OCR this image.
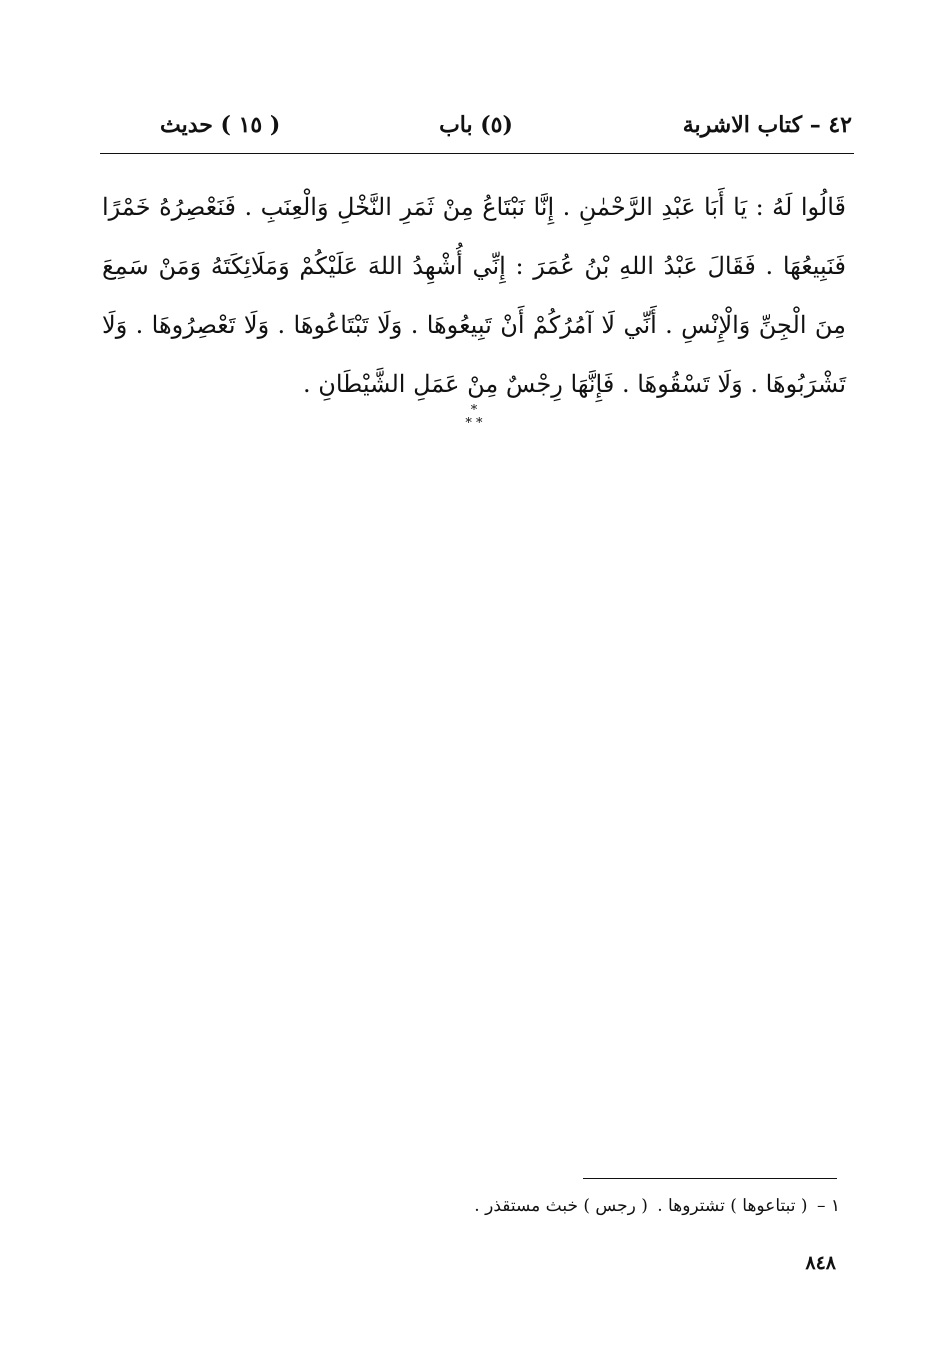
٤٢ – كتاب الاشربة
(٥) باب
( ١٥ ) حديث
قَالُوا لَهُ : يَا أَبَا عَبْدِ الرَّحْمٰنِ . إِنَّا نَبْتَاعُ مِنْ ثَمَرِ النَّخْلِ وَالْعِنَبِ . فَنَعْصِرُهُ خَمْرًا فَنَبِيعُهَا . فَقَالَ عَبْدُ اللهِ بْنُ عُمَرَ : إِنِّي أُشْهِدُ اللهَ عَلَيْكُمْ وَمَلَائِكَتَهُ وَمَنْ سَمِعَ مِنَ الْجِنِّ وَالْإِنْسِ . أَنِّي لَا آمُرُكُمْ أَنْ تَبِيعُوهَا . وَلَا تَبْتَاعُوهَا . وَلَا تَعْصِرُوهَا . وَلَا تَشْرَبُوهَا . وَلَا تَسْقُوهَا . فَإِنَّهَا رِجْسٌ مِنْ عَمَلِ الشَّيْطَانِ .
*
* *
١ – ( تبتاعوها ) تشتروها . ( رجس ) خبث مستقذر .
٨٤٨
